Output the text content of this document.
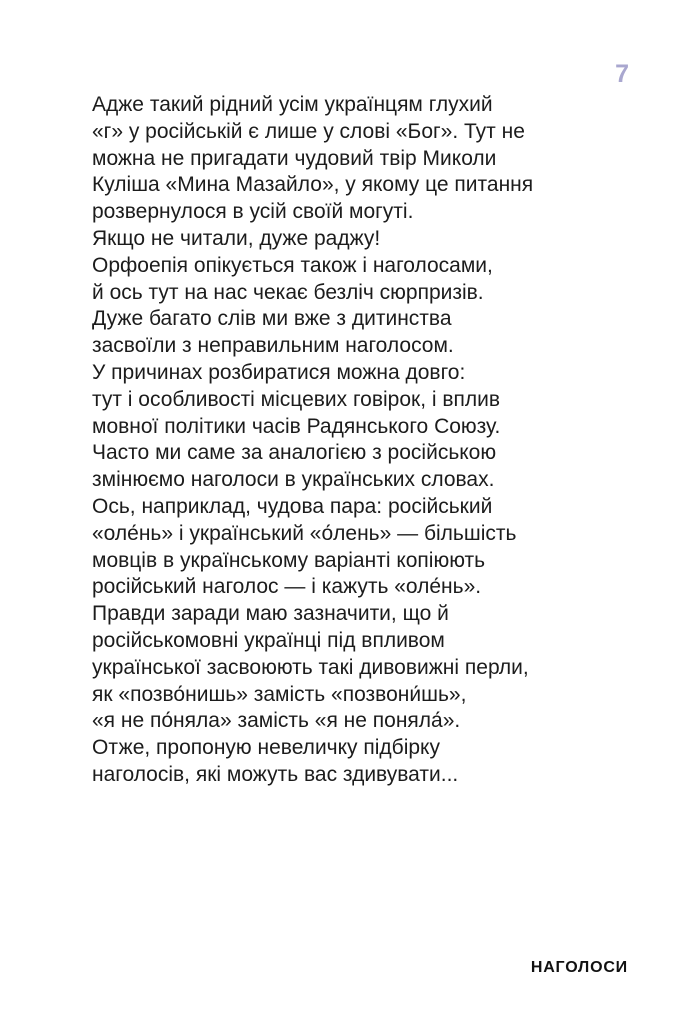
7
Адже такий рідний усім українцям глухий
«г» у російській є лише у слові «Бог». Тут не
можна не пригадати чудовий твір Миколи
Куліша «Мина Мазайло», у якому це питання
розвернулося в усій своїй могуті.
Якщо не читали, дуже раджу!
Орфоепія опікується також і наголосами,
й ось тут на нас чекає безліч сюрпризів.
Дуже багато слів ми вже з дитинства
засвоїли з неправильним наголосом.
У причинах розбиратися можна довго:
тут і особливості місцевих говірок, і вплив
мовної політики часів Радянського Союзу.
Часто ми саме за аналогією з російською
змінюємо наголоси в українських словах.
Ось, наприклад, чудова пара: російський
«оле́нь» і український «о́лень» — більшість
мовців в українському варіанті копіюють
російський наголос — і кажуть «оле́нь».
Правди заради маю зазначити, що й
російськомовні українці під впливом
української засвоюють такі дивовижні перли,
як «позво́нишь» замість «позвони́шь»,
«я не по́няла» замість «я не поняла́».
Отже, пропоную невеличку підбірку
наголосів, які можуть вас здивувати...
НАГОЛОСИ
